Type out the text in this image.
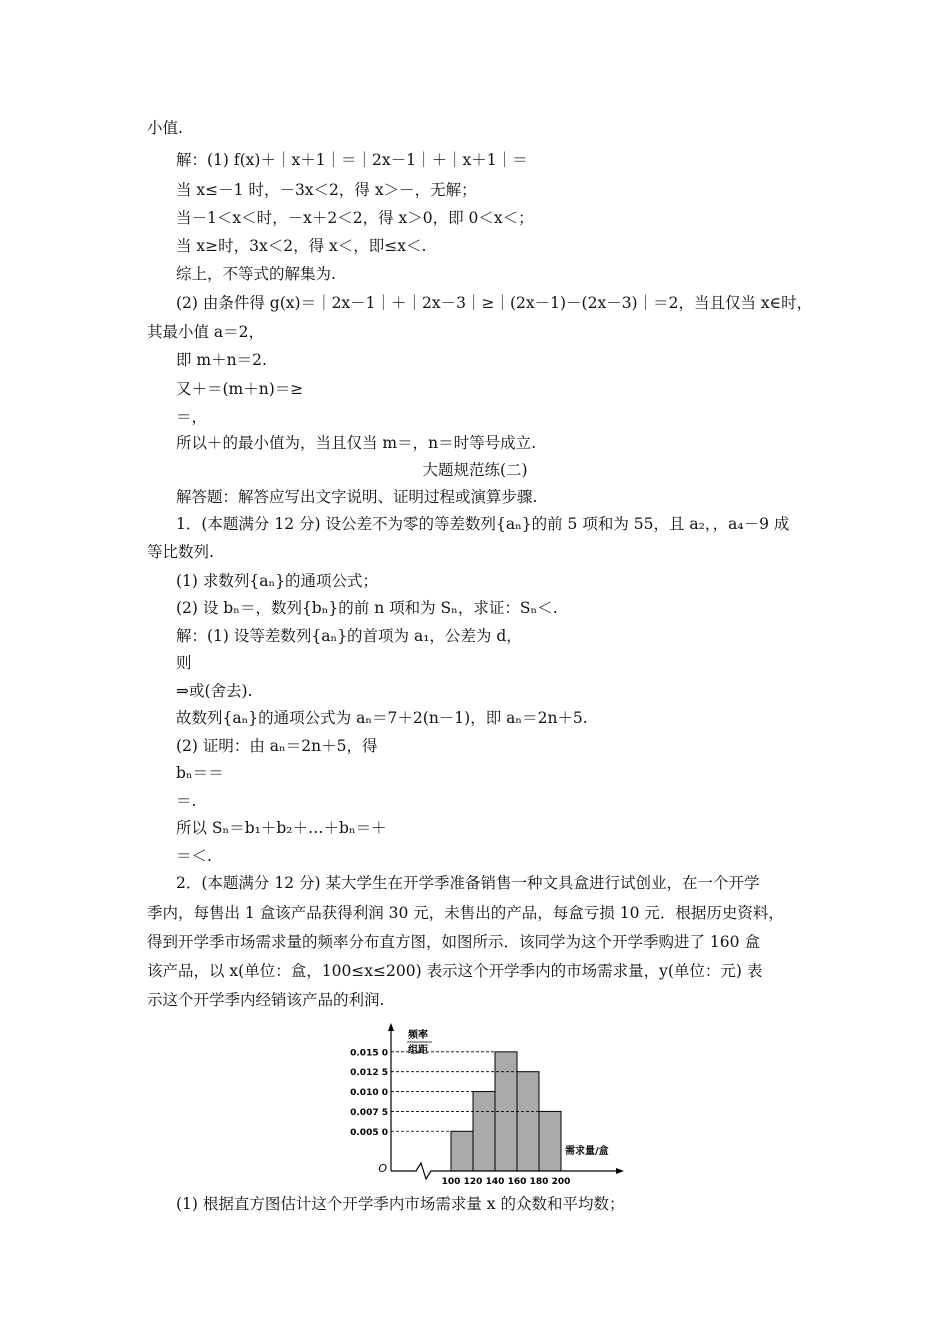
小值.
解：(1) f(x)＋｜x＋1｜＝｜2x－1｜＋｜x＋1｜＝
当 x≤－1 时，－3x＜2，得 x＞－，无解；
当－1＜x＜时，－x＋2＜2，得 x＞0，即 0＜x＜；
当 x≥时，3x＜2，得 x＜，即≤x＜.
综上，不等式的解集为.
(2) 由条件得 g(x)＝｜2x－1｜＋｜2x－3｜≥｜(2x－1)－(2x－3)｜＝2，当且仅当 x∈时，
其最小值 a＝2，
即 m＋n＝2.
又＋＝(m＋n)＝≥
＝，
所以＋的最小值为，当且仅当 m＝，n＝时等号成立.
大题规范练(二)
解答题：解答应写出文字说明、证明过程或演算步骤.
1．(本题满分 12 分) 设公差不为零的等差数列{aₙ}的前 5 项和为 55，且 a₂，，a₄－9 成
等比数列.
(1) 求数列{aₙ}的通项公式；
(2) 设 bₙ＝，数列{bₙ}的前 n 项和为 Sₙ，求证：Sₙ＜.
解：(1) 设等差数列{aₙ}的首项为 a₁，公差为 d，
则
⇒或(舍去).
故数列{aₙ}的通项公式为 aₙ＝7＋2(n－1)，即 aₙ＝2n＋5.
(2) 证明：由 aₙ＝2n＋5，得
bₙ＝＝
＝.
所以 Sₙ＝b₁＋b₂＋…＋bₙ＝＋
＝＜.
2．(本题满分 12 分) 某大学生在开学季准备销售一种文具盒进行试创业，在一个开学
季内，每售出 1 盒该产品获得利润 30 元，未售出的产品，每盒亏损 10 元．根据历史资料，
得到开学季市场需求量的频率分布直方图，如图所示．该同学为这个开学季购进了 160 盒
该产品，以 x(单位：盒，100≤x≤200) 表示这个开学季内的市场需求量，y(单位：元) 表
示这个开学季内经销该产品的利润.
(1) 根据直方图估计这个开学季内市场需求量 x 的众数和平均数；
频率
组距
需求量/盒
O
0.015 0
0.012 5
0.010 0
0.007 5
0.005 0
100 120 140 160 180 200
